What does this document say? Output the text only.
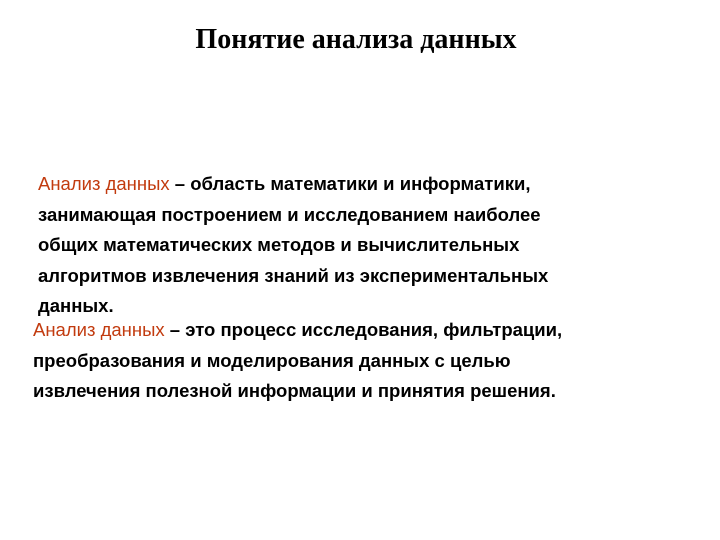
Понятие анализа данных
Анализ данных – область математики и информатики,
занимающая построением и исследованием наиболее
общих математических методов и вычислительных
алгоритмов извлечения знаний из экспериментальных
данных.
Анализ данных – это процесс исследования, фильтрации,
преобразования и моделирования данных с целью
извлечения полезной информации и принятия решения.
